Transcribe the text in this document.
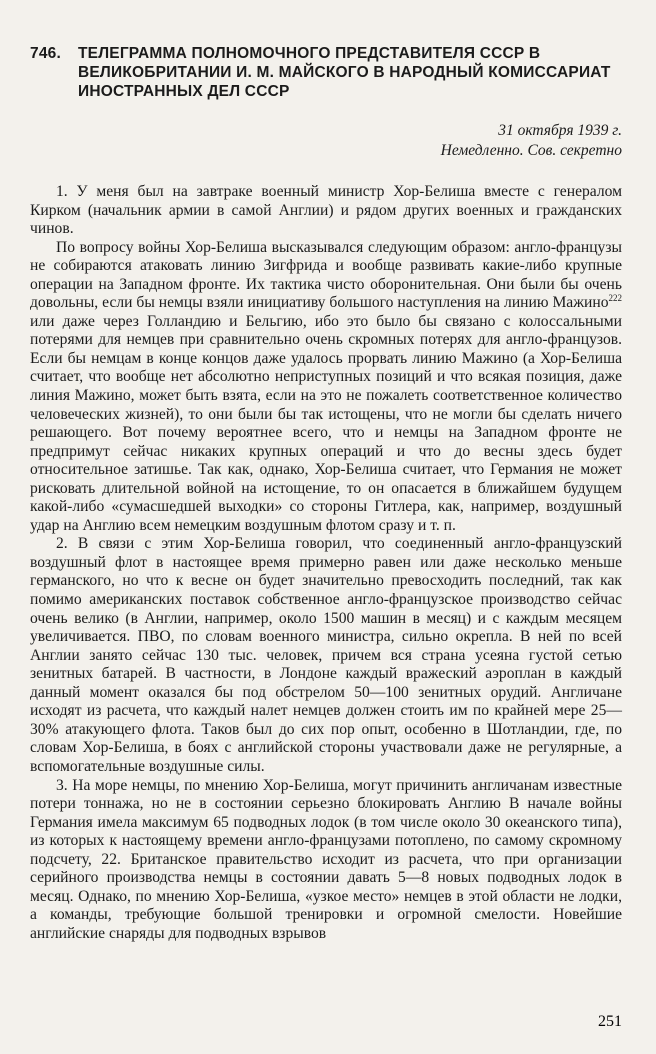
746.	ТЕЛЕГРАММА ПОЛНОМОЧНОГО ПРЕДСТАВИТЕЛЯ СССР В ВЕЛИКОБРИТАНИИ И. М. МАЙСКОГО В НАРОДНЫЙ КОМИССАРИАТ ИНОСТРАННЫХ ДЕЛ СССР
31 октября 1939 г.
Немедленно. Сов. секретно

1. У меня был на завтраке военный министр Хор-Белиша вместе с генералом Кирком (начальник армии в самой Англии) и рядом других военных и гражданских чинов.

По вопросу войны Хор-Белиша высказывался следующим образом: англо-французы не собираются атаковать линию Зигфрида и вообще развивать какие-либо крупные операции на Западном фронте. Их тактика чисто оборонительная. Они были бы очень довольны, если бы немцы взяли инициативу большого наступления на линию Мажино$^{222}$ или даже через Голландию и Бельгию, ибо это было бы связано с колоссальными потерями для немцев при сравнительно очень скромных потерях для англо-французов. Если бы немцам в конце концов даже удалось прорвать линию Мажино (а Хор-Белиша считает, что вообще нет абсолютно неприступных позиций и что всякая позиция, даже линия Мажино, может быть взята, если на это не пожалеть соответственное количество человеческих жизней), то они были бы так истощены, что не могли бы сделать ничего решающего. Вот почему вероятнее всего, что и немцы на Западном фронте не предпримут сейчас никаких крупных операций и что до весны здесь будет относительное затишье. Так как, однако, Хор-Белиша считает, что Германия не может рисковать длительной войной на истощение, то он опасается в ближайшем будущем какой-либо «сумасшедшей выходки» со стороны Гитлера, как, например, воздушный удар на Англию всем немецким воздушным флотом сразу и т. п.

2. В связи с этим Хор-Белиша говорил, что соединенный англо-французский воздушный флот в настоящее время примерно равен или даже несколько меньше германского, но что к весне он будет значительно превосходить последний, так как помимо американских поставок собственное англо-французское производство сейчас очень велико (в Англии, например, около 1500 машин в месяц) и с каждым месяцем увеличивается. ПВО, по словам военного министра, сильно окрепла. В ней по всей Англии занято сейчас 130 тыс. человек, причем вся страна усеяна густой сетью зенитных батарей. В частности, в Лондоне каждый вражеский аэроплан в каждый данный момент оказался бы под обстрелом 50—100 зенитных орудий. Англичане исходят из расчета, что каждый налет немцев должен стоить им по крайней мере 25—30% атакующего флота. Таков был до сих пор опыт, особенно в Шотландии, где, по словам Хор-Белиша, в боях с английской стороны участвовали даже не регулярные, а вспомогательные воздушные силы.

3. На море немцы, по мнению Хор-Белиша, могут причинить англичанам известные потери тоннажа, но не в состоянии серьезно блокировать Англию В начале войны Германия имела максимум 65 подводных лодок (в том числе около 30 океанского типа), из которых к настоящему времени англо-французами потоплено, по самому скромному подсчету, 22. Британское правительство исходит из расчета, что при организации серийного производства немцы в состоянии давать 5—8 новых подводных лодок в месяц. Однако, по мнению Хор-Белиша, «узкое место» немцев в этой области не лодки, а команды, требующие большой тренировки и огромной смелости. Новейшие английские снаряды для подводных взрывов

251
